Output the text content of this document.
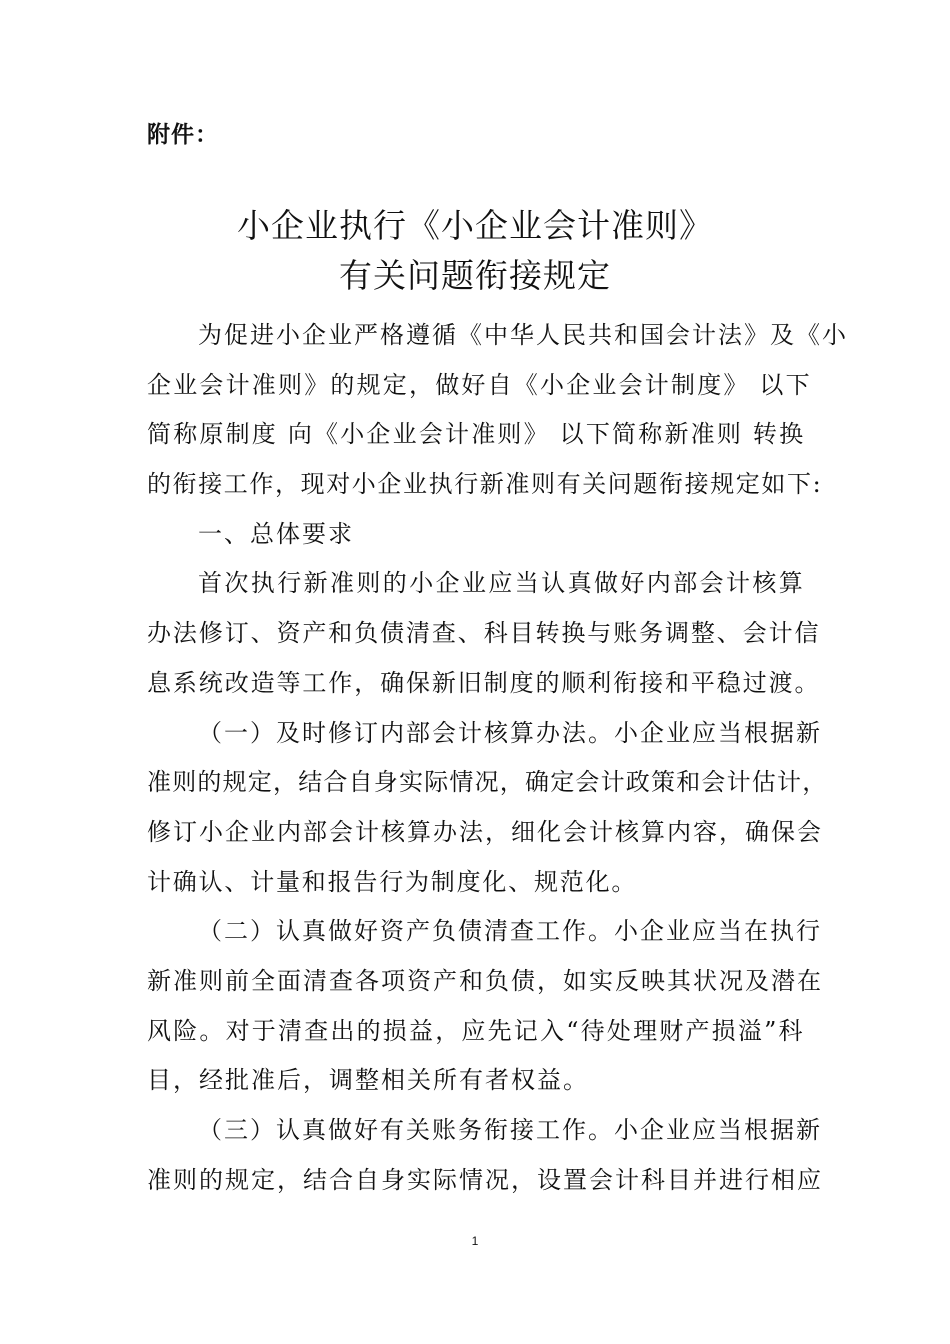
附件：
小企业执行《小企业会计准则》
有关问题衔接规定
为促进小企业严格遵循《中华人民共和国会计法》及《小
企业会计准则》的规定，做好自《小企业会计制度》 以下
简称原制度 向《小企业会计准则》 以下简称新准则 转换
的衔接工作，现对小企业执行新准则有关问题衔接规定如下:
一、总体要求
首次执行新准则的小企业应当认真做好内部会计核算
办法修订、资产和负债清查、科目转换与账务调整、会计信
息系统改造等工作，确保新旧制度的顺利衔接和平稳过渡。
（一）及时修订内部会计核算办法。小企业应当根据新
准则的规定，结合自身实际情况，确定会计政策和会计估计，
修订小企业内部会计核算办法，细化会计核算内容，确保会
计确认、计量和报告行为制度化、规范化。
（二）认真做好资产负债清查工作。小企业应当在执行
新准则前全面清查各项资产和负债，如实反映其状况及潜在
风险。对于清查出的损益，应先记入“待处理财产损溢”科
目，经批准后，调整相关所有者权益。
（三）认真做好有关账务衔接工作。小企业应当根据新
准则的规定，结合自身实际情况，设置会计科目并进行相应
1
